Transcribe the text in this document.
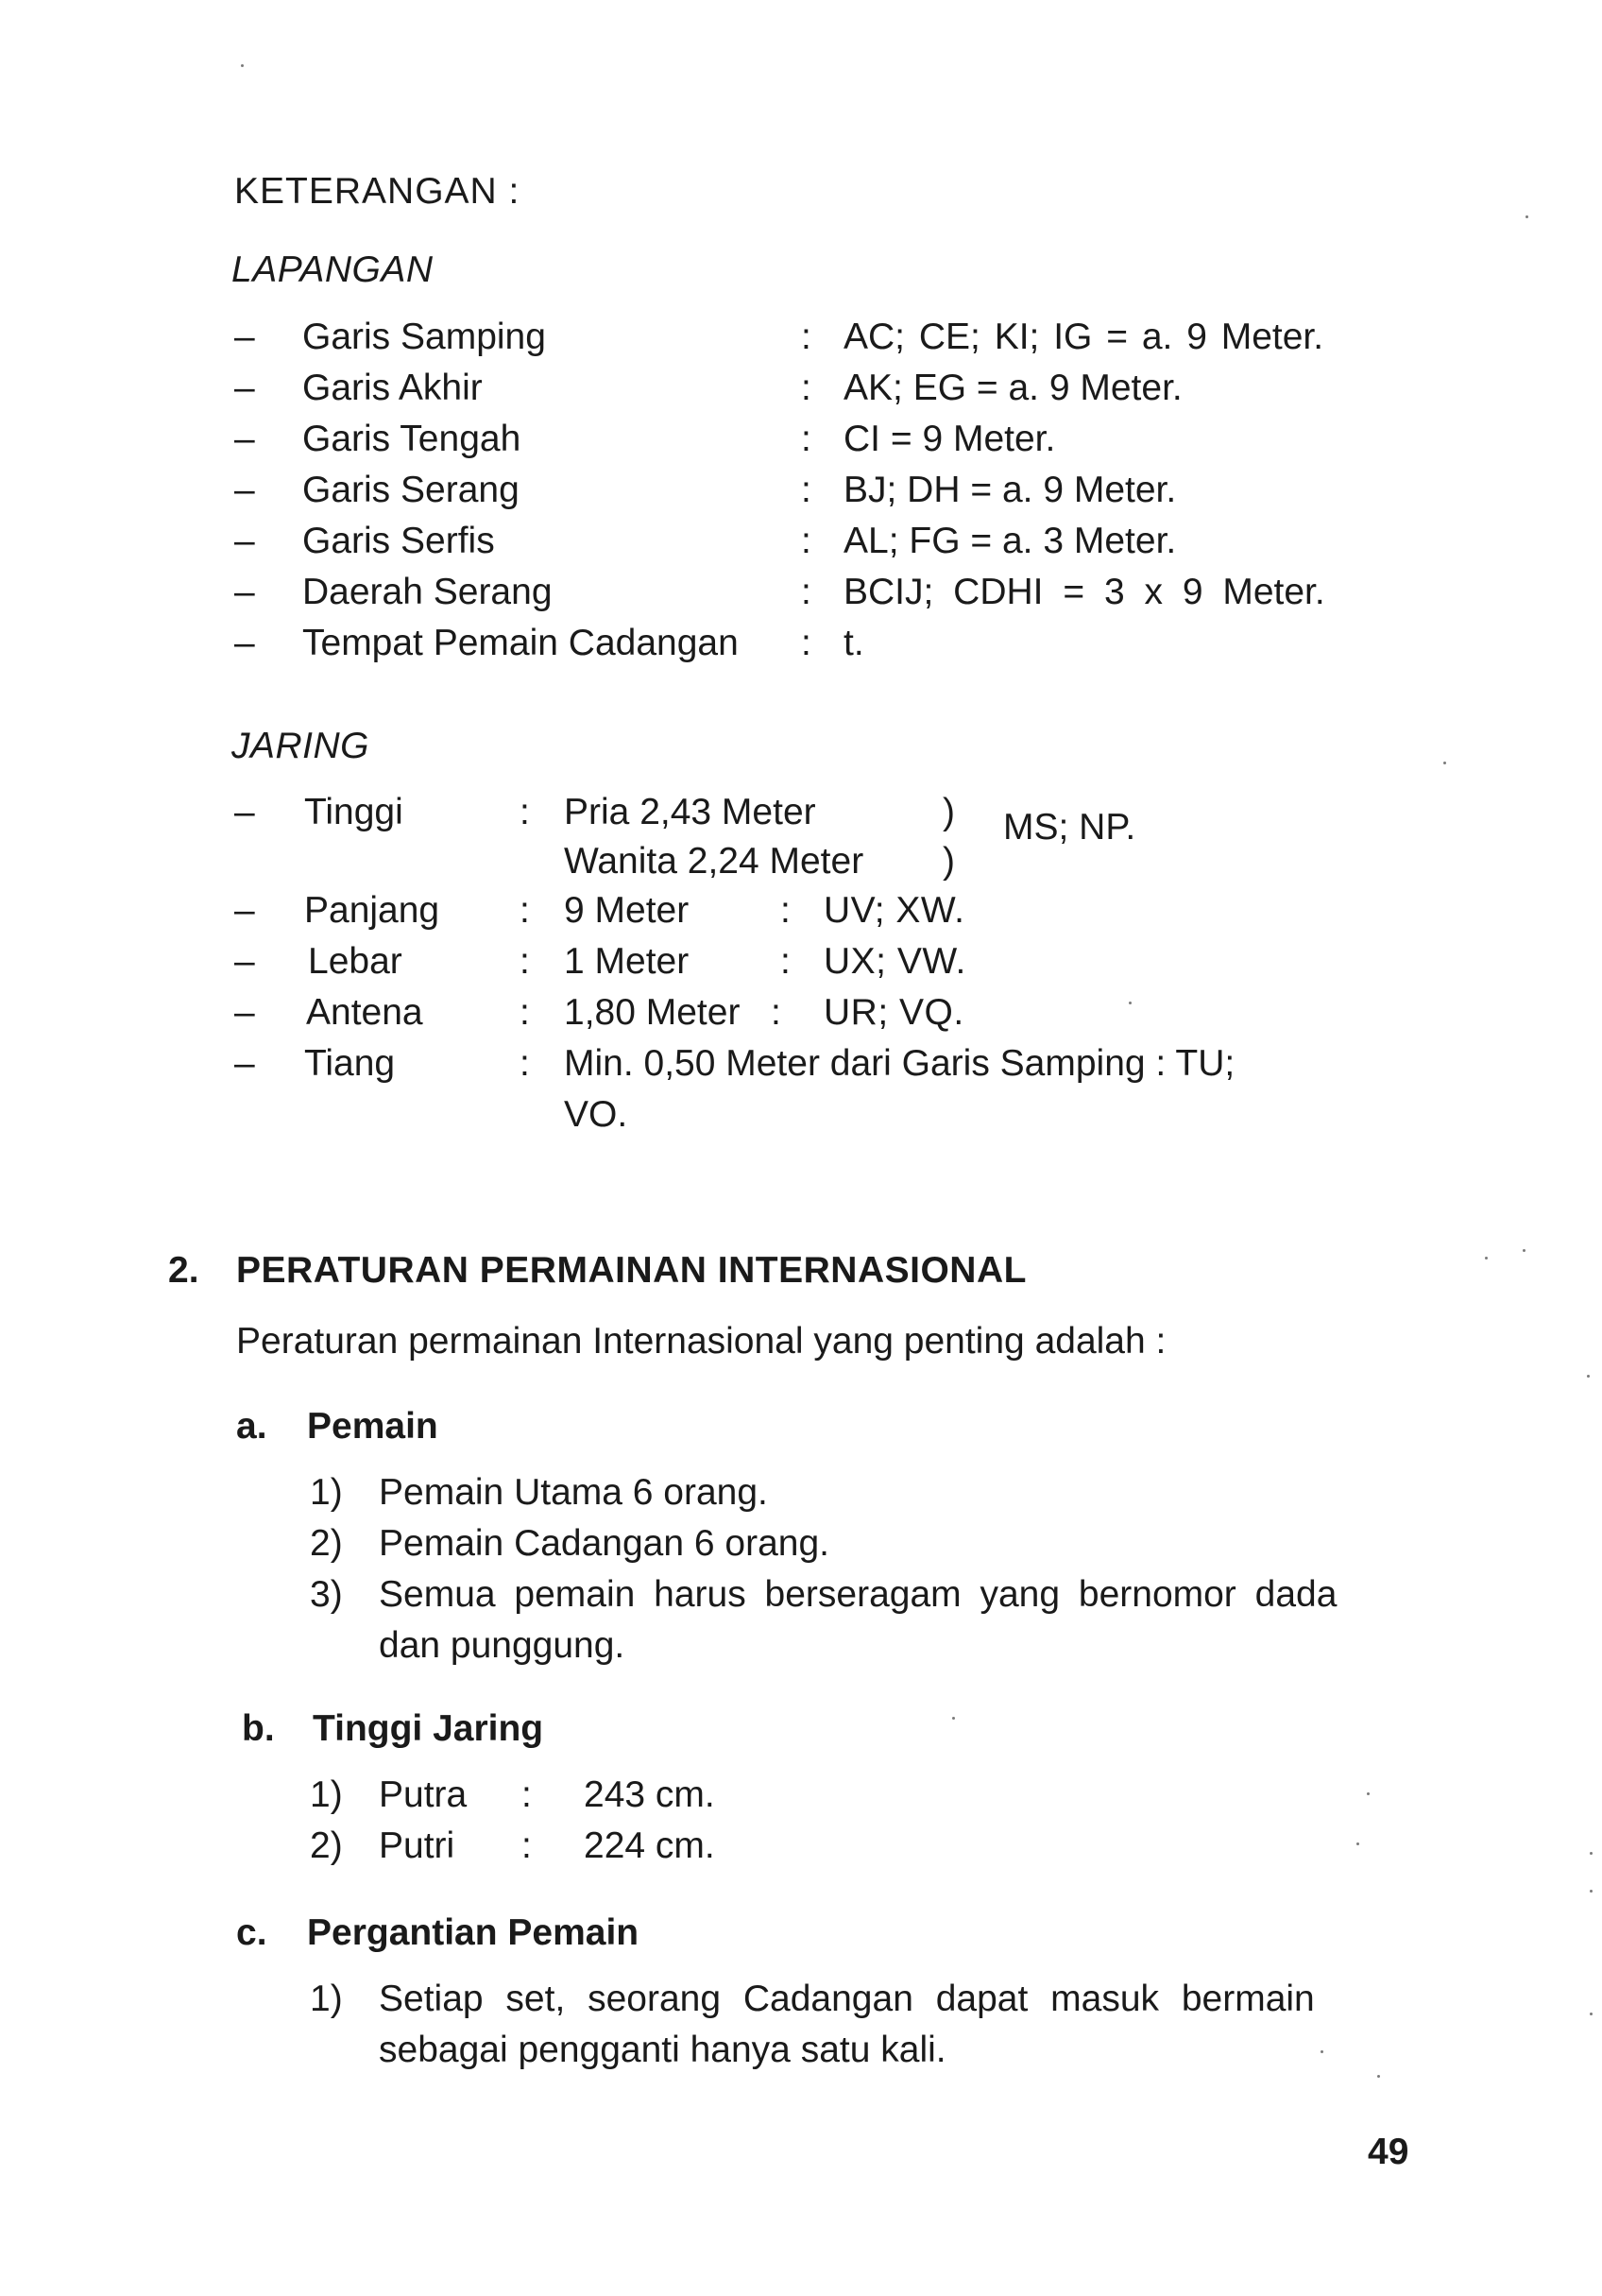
KETERANGAN :
LAPANGAN
– Garis Samping	: AC; CE; KI; IG = a. 9 Meter.
– Garis Akhir	: AK; EG = a. 9 Meter.
– Garis Tengah	: CI = 9 Meter.
– Garis Serang	: BJ; DH = a. 9 Meter.
– Garis Serfis	: AL; FG = a. 3 Meter.
– Daerah Serang	: BCIJ; CDHI = 3 x 9 Meter.
– Tempat Pemain Cadangan : t.
JARING
– Tinggi	: Pria 2,43 Meter	)
Wanita 2,24 Meter )
MS; NP.
– Panjang : 9 Meter : UV; XW.
– Lebar	: 1 Meter : UX; VW.
– Antena	: 1,80 Meter : UR; VQ.
– Tiang	: Min. 0,50 Meter dari Garis Samping : TU;
VO.
2. PERATURAN PERMAINAN INTERNASIONAL
Peraturan permainan Internasional yang penting adalah :
a. Pemain
1) Pemain Utama 6 orang.
2) Pemain Cadangan 6 orang.
3) Semua pemain harus berseragam yang bernomor dada
dan punggung.
b. Tinggi Jaring
1) Putra : 243 cm.
2) Putri : 224 cm.
c. Pergantian Pemain
1) Setiap set, seorang Cadangan dapat masuk bermain
sebagai pengganti hanya satu kali.
49
